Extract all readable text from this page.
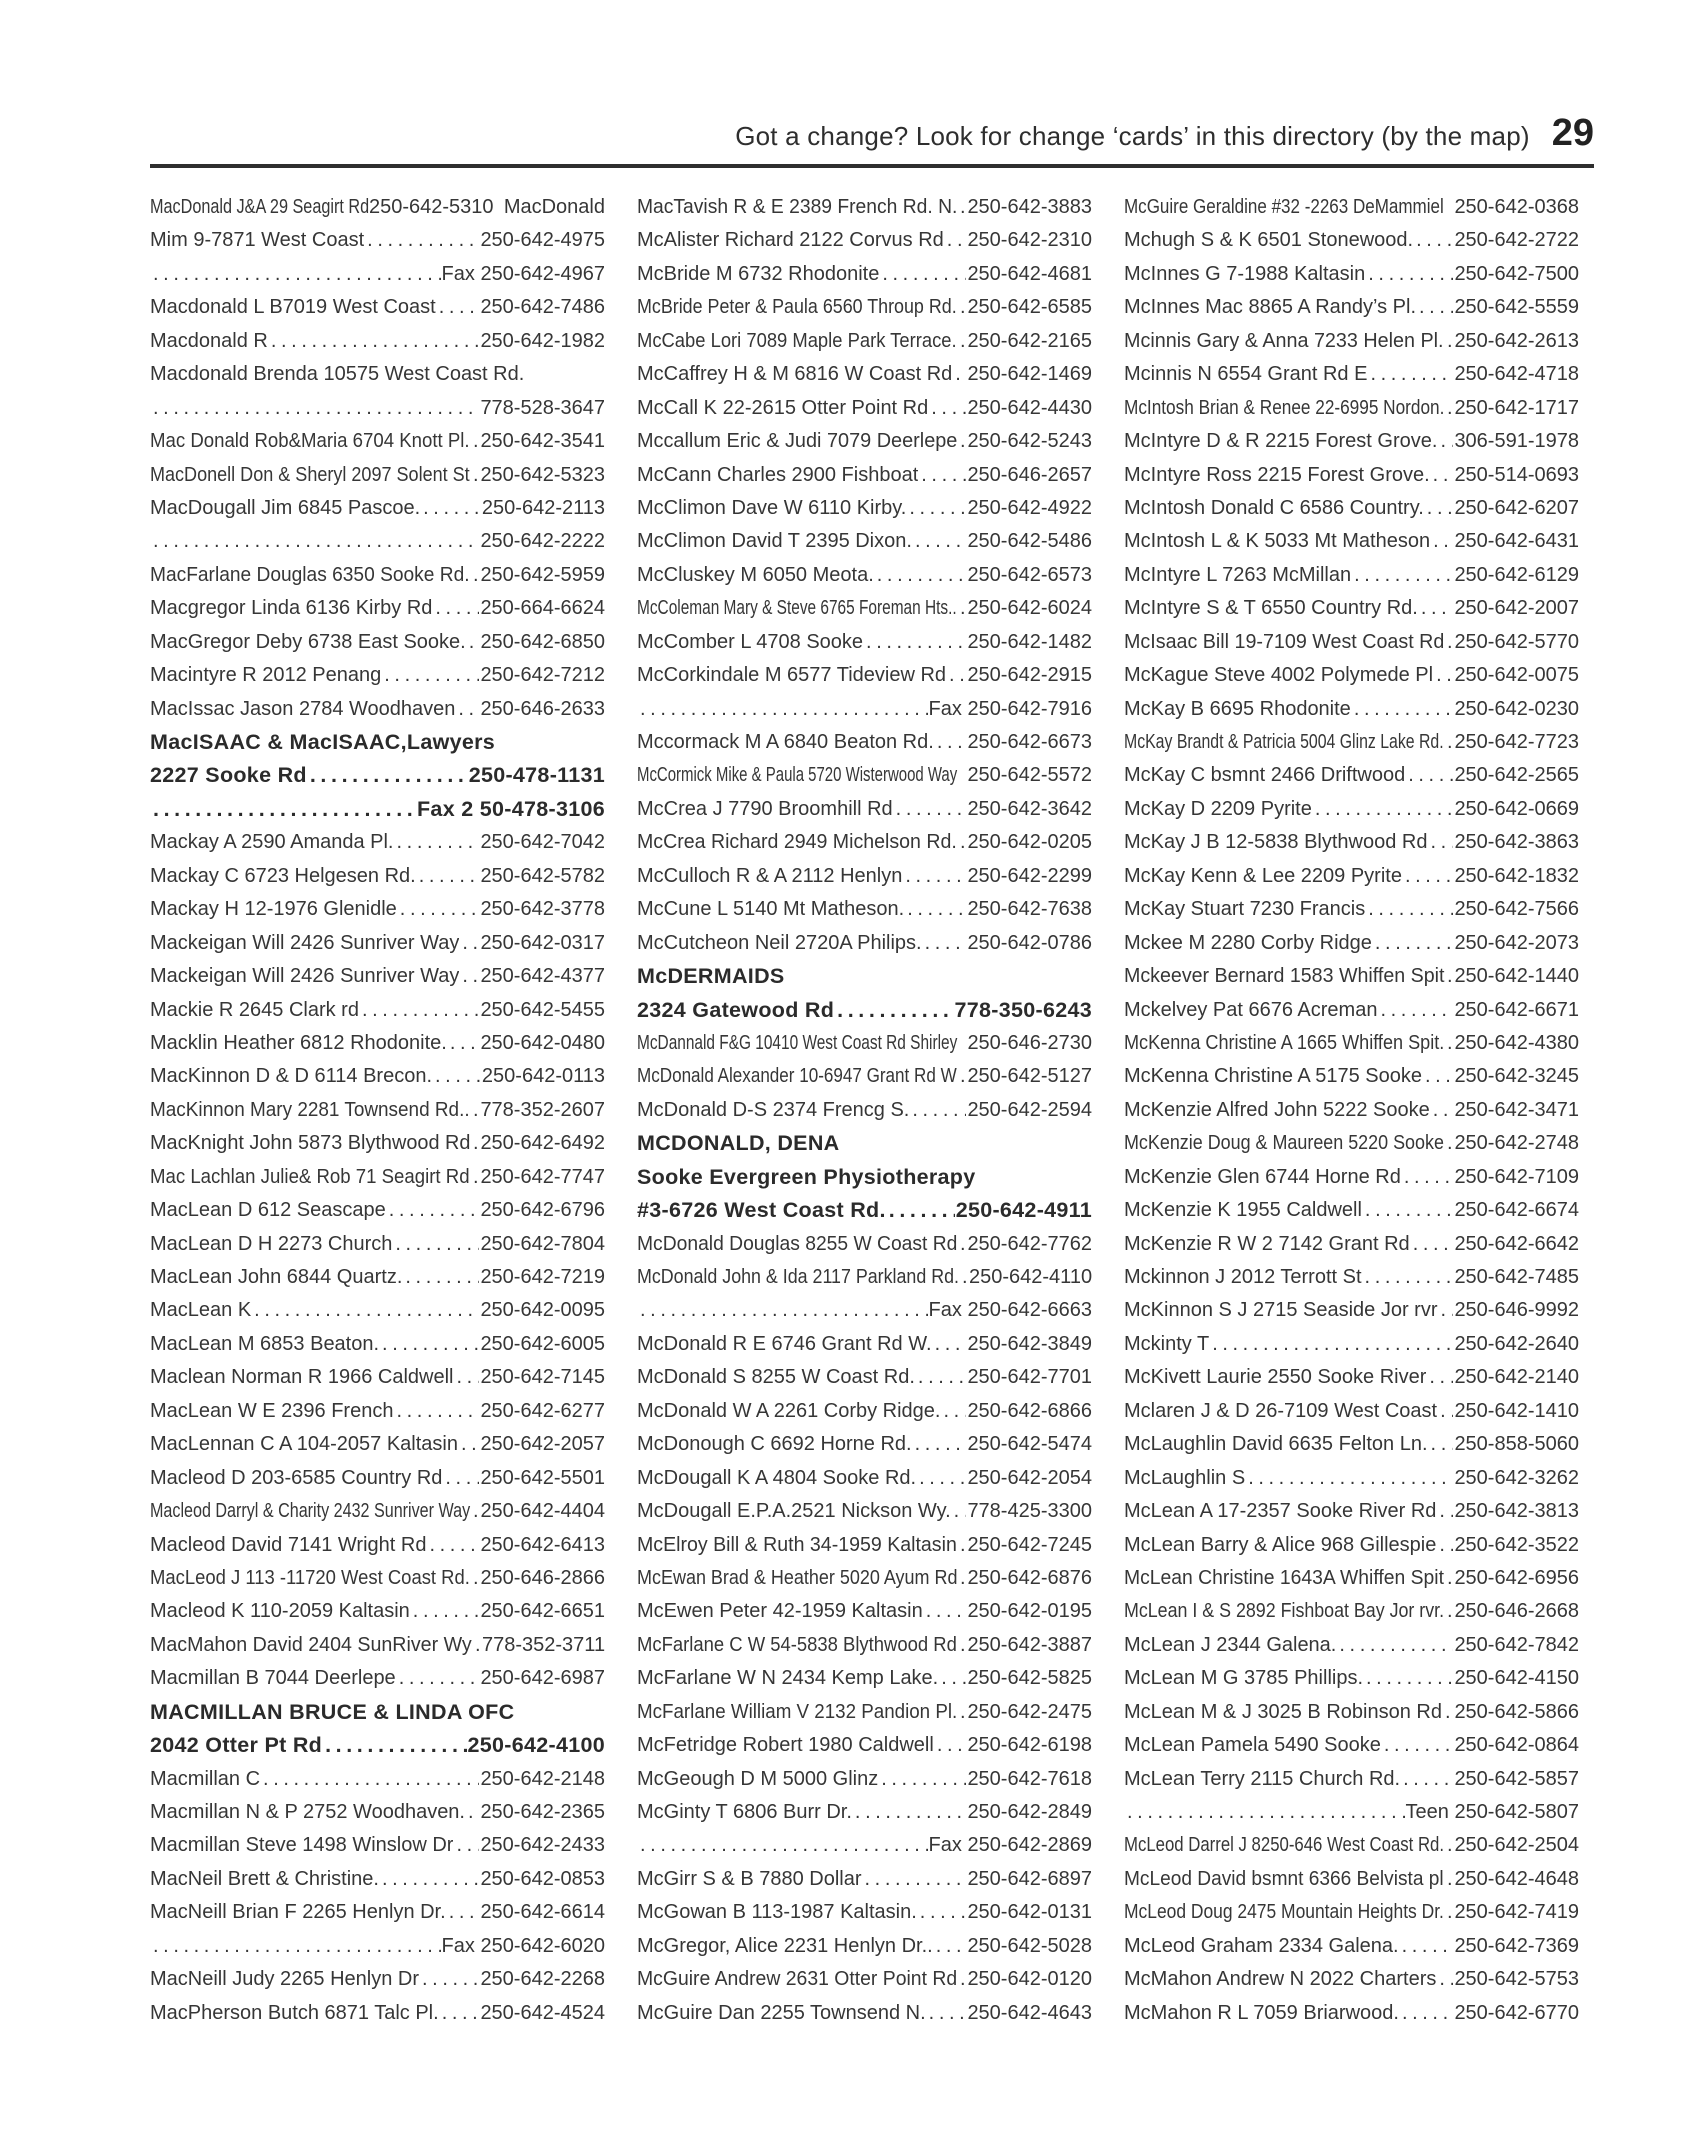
Got a change? Look for change ‘cards’ in this directory (by the map) 29
MacDonald J&A 29 Seagirt Rd 250-642-5310 MacDonald
Mim 9-7871 West Coast .....	250-642-4975
.....
Fax 250-642-4967
Macdonald L B7019 West Coast ..... 250-642-7486
Macdonald R .....	250-642-1982
Macdonald Brenda 10575 West Coast Rd.
.....
778-528-3647
Mac Donald Rob&Maria 6704 Knott Pl. ..... 250-642-3541
MacDonell Don & Sheryl 2097 Solent St ..... 250-642-5323
MacDougall Jim 6845 Pascoe. .....	250-642-2113
.....
250-642-2222
MacFarlane Douglas 6350 Sooke Rd. ..... 250-642-5959
Macgregor Linda 6136 Kirby Rd ..... 250-664-6624
MacGregor Deby 6738 East Sooke. ..... 250-642-6850
Macintyre R 2012 Penang .....	250-642-7212
MacIssac Jason 2784 Woodhaven ..... 250-646-2633
MacISAAC & MacISAAC,Lawyers
2227 Sooke Rd .....	250-478-1131
.....
Fax 2 50-478-3106
Mackay A 2590 Amanda Pl. .....	250-642-7042
Mackay C 6723 Helgesen Rd. .....	250-642-5782
Mackay H 12-1976 Glenidle .....	250-642-3778
Mackeigan Will 2426 Sunriver Way ..... 250-642-0317
Mackeigan Will 2426 Sunriver Way ..... 250-642-4377
Mackie R 2645 Clark rd .....	250-642-5455
Macklin Heather 6812 Rhodonite. ..... 250-642-0480
MacKinnon D & D 6114 Brecon. ..... 250-642-0113
MacKinnon Mary 2281 Townsend Rd.. ..... 778-352-2607
MacKnight John 5873 Blythwood Rd ..... 250-642-6492
Mac Lachlan Julie& Rob 71 Seagirt Rd ..... 250-642-7747
MacLean D 612 Seascape .....	250-642-6796
MacLean D H 2273 Church .....	250-642-7804
MacLean John 6844 Quartz. .....	250-642-7219
MacLean K .....	250-642-0095
MacLean M 6853 Beaton. .....	250-642-6005
Maclean Norman R 1966 Caldwell ..... 250-642-7145
MacLean W E 2396 French .....	250-642-6277
MacLennan C A 104-2057 Kaltasin ..... 250-642-2057
Macleod D 203-6585 Country Rd ..... 250-642-5501
Macleod Darryl & Charity 2432 Sunriver Way ..... 250-642-4404
Macleod David 7141 Wright Rd .....	250-642-6413
MacLeod J 113 -11720 West Coast Rd. ..... 250-646-2866
Macleod K 110-2059 Kaltasin .....	250-642-6651
MacMahon David 2404 SunRiver Wy ..... 778-352-3711
Macmillan B 7044 Deerlepe .....	250-642-6987
MACMILLAN BRUCE & LINDA OFC
2042 Otter Pt Rd .....	250-642-4100
Macmillan C .....	250-642-2148
Macmillan N & P 2752 Woodhaven. ..... 250-642-2365
Macmillan Steve 1498 Winslow Dr ..... 250-642-2433
MacNeil Brett & Christine. .....	250-642-0853
MacNeill Brian F 2265 Henlyn Dr. ..... 250-642-6614
.....
Fax 250-642-6020
MacNeill Judy 2265 Henlyn Dr .....	250-642-2268
MacPherson Butch 6871 Talc Pl. ..... 250-642-4524
MacTavish R & E 2389 French Rd. N. ..... 250-642-3883
McAlister Richard 2122 Corvus Rd ..... 250-642-2310
McBride M 6732 Rhodonite .....	250-642-4681
McBride Peter & Paula 6560 Throup Rd. ..... 250-642-6585
McCabe Lori 7089 Maple Park Terrace. ..... 250-642-2165
McCaffrey H & M 6816 W Coast Rd ..... 250-642-1469
McCall K 22-2615 Otter Point Rd ..... 250-642-4430
Mccallum Eric & Judi 7079 Deerlepe ..... 250-642-5243
McCann Charles 2900 Fishboat ..... 250-646-2657
McClimon Dave W 6110 Kirby. .....	250-642-4922
McClimon David T 2395 Dixon. .....	250-642-5486
McCluskey M 6050 Meota. .....	250-642-6573
McColeman Mary & Steve 6765 Foreman Hts.. ..... 250-642-6024
McComber L 4708 Sooke .....	250-642-1482
McCorkindale M 6577 Tideview Rd ..... 250-642-2915
.....
Fax 250-642-7916
Mccormack M A 6840 Beaton Rd. ..... 250-642-6673
McCormick Mike & Paula 5720 Wisterwood Way 250-642-5572
McCrea J 7790 Broomhill Rd .....	250-642-3642
McCrea Richard 2949 Michelson Rd. ..... 250-642-0205
McCulloch R & A 2112 Henlyn .....	250-642-2299
McCune L 5140 Mt Matheson. .....	250-642-7638
McCutcheon Neil 2720A Philips. ..... 250-642-0786
McDERMAIDS
2324 Gatewood Rd .....	778-350-6243
McDannald F&G 10410 West Coast Rd Shirley 250-646-2730
McDonald Alexander 10-6947 Grant Rd W ..... 250-642-5127
McDonald D-S 2374 Frencg S. .....	250-642-2594
MCDONALD, DENA
Sooke Evergreen Physiotherapy
#3-6726 West Coast Rd. .....	250-642-4911
McDonald Douglas 8255 W Coast Rd ..... 250-642-7762
McDonald John & Ida 2117 Parkland Rd. ..... 250-642-4110
.....
Fax 250-642-6663
McDonald R E 6746 Grant Rd W. ..... 250-642-3849
McDonald S 8255 W Coast Rd. .....	250-642-7701
McDonald W A 2261 Corby Ridge. ..... 250-642-6866
McDonough C 6692 Horne Rd. .....	250-642-5474
McDougall K A 4804 Sooke Rd. .....	250-642-2054
McDougall E.P.A.2521 Nickson Wy. ..... 778-425-3300
McElroy Bill & Ruth 34-1959 Kaltasin ..... 250-642-7245
McEwan Brad & Heather 5020 Ayum Rd ..... 250-642-6876
McEwen Peter 42-1959 Kaltasin ..... 250-642-0195
McFarlane C W 54-5838 Blythwood Rd ..... 250-642-3887
McFarlane W N 2434 Kemp Lake. ..... 250-642-5825
McFarlane William V 2132 Pandion Pl. ..... 250-642-2475
McFetridge Robert 1980 Caldwell ..... 250-642-6198
McGeough D M 5000 Glinz .....	250-642-7618
McGinty T 6806 Burr Dr. .....	250-642-2849
.....
Fax 250-642-2869
McGirr S & B 7880 Dollar .....	250-642-6897
McGowan B 113-1987 Kaltasin. .....	250-642-0131
McGregor, Alice 2231 Henlyn Dr.. ..... 250-642-5028
McGuire Andrew 2631 Otter Point Rd ..... 250-642-0120
McGuire Dan 2255 Townsend N. ..... 250-642-4643
McGuire Geraldine #32 -2263 DeMammiel 250-642-0368
Mchugh S & K 6501 Stonewood. ..... 250-642-2722
McInnes G 7-1988 Kaltasin .....	250-642-7500
McInnes Mac 8865 A Randy’s Pl. ..... 250-642-5559
Mcinnis Gary & Anna 7233 Helen Pl. ..... 250-642-2613
Mcinnis N 6554 Grant Rd E .....	250-642-4718
McIntosh Brian & Renee 22-6995 Nordon. ..... 250-642-1717
McIntyre D & R 2215 Forest Grove. ..... 306-591-1978
McIntyre Ross 2215 Forest Grove. ..... 250-514-0693
McIntosh Donald C 6586 Country. ..... 250-642-6207
McIntosh L & K 5033 Mt Matheson ..... 250-642-6431
McIntyre L 7263 McMillan .....	250-642-6129
McIntyre S & T 6550 Country Rd. ..... 250-642-2007
McIsaac Bill 19-7109 West Coast Rd ..... 250-642-5770
McKague Steve 4002 Polymede Pl ..... 250-642-0075
McKay B 6695 Rhodonite .....	250-642-0230
McKay Brandt & Patricia 5004 Glinz Lake Rd. ..... 250-642-7723
McKay C bsmnt 2466 Driftwood ..... 250-642-2565
McKay D 2209 Pyrite .....	250-642-0669
McKay J B 12-5838 Blythwood Rd ..... 250-642-3863
McKay Kenn & Lee 2209 Pyrite .....	250-642-1832
McKay Stuart 7230 Francis .....	250-642-7566
Mckee M 2280 Corby Ridge .....	250-642-2073
Mckeever Bernard 1583 Whiffen Spit ..... 250-642-1440
Mckelvey Pat 6676 Acreman .....	250-642-6671
McKenna Christine A 1665 Whiffen Spit. ..... 250-642-4380
McKenna Christine A 5175 Sooke ..... 250-642-3245
McKenzie Alfred John 5222 Sooke ..... 250-642-3471
McKenzie Doug & Maureen 5220 Sooke ..... 250-642-2748
McKenzie Glen 6744 Horne Rd .....	250-642-7109
McKenzie K 1955 Caldwell .....	250-642-6674
McKenzie R W 2 7142 Grant Rd ..... 250-642-6642
Mckinnon J 2012 Terrott St .....	250-642-7485
McKinnon S J 2715 Seaside Jor rvr ..... 250-646-9992
Mckinty T .....	250-642-2640
McKivett Laurie 2550 Sooke River ..... 250-642-2140
Mclaren J & D 26-7109 West Coast ..... 250-642-1410
McLaughlin David 6635 Felton Ln. ..... 250-858-5060
McLaughlin S .....	250-642-3262
McLean A 17-2357 Sooke River Rd ..... 250-642-3813
McLean Barry & Alice 968 Gillespie ..... 250-642-3522
McLean Christine 1643A Whiffen Spit ..... 250-642-6956
McLean I & S 2892 Fishboat Bay Jor rvr. ..... 250-646-2668
McLean J 2344 Galena. .....	250-642-7842
McLean M G 3785 Phillips. .....	250-642-4150
McLean M & J 3025 B Robinson Rd ..... 250-642-5866
McLean Pamela 5490 Sooke .....	250-642-0864
McLean Terry 2115 Church Rd. .....	250-642-5857
.....
Teen 250-642-5807
McLeod Darrel J 8250-646 West Coast Rd. ..... 250-642-2504
McLeod David bsmnt 6366 Belvista pl ..... 250-642-4648
McLeod Doug 2475 Mountain Heights Dr. ..... 250-642-7419
McLeod Graham 2334 Galena. .....	250-642-7369
McMahon Andrew N 2022 Charters ..... 250-642-5753
McMahon R L 7059 Briarwood. .....	250-642-6770
